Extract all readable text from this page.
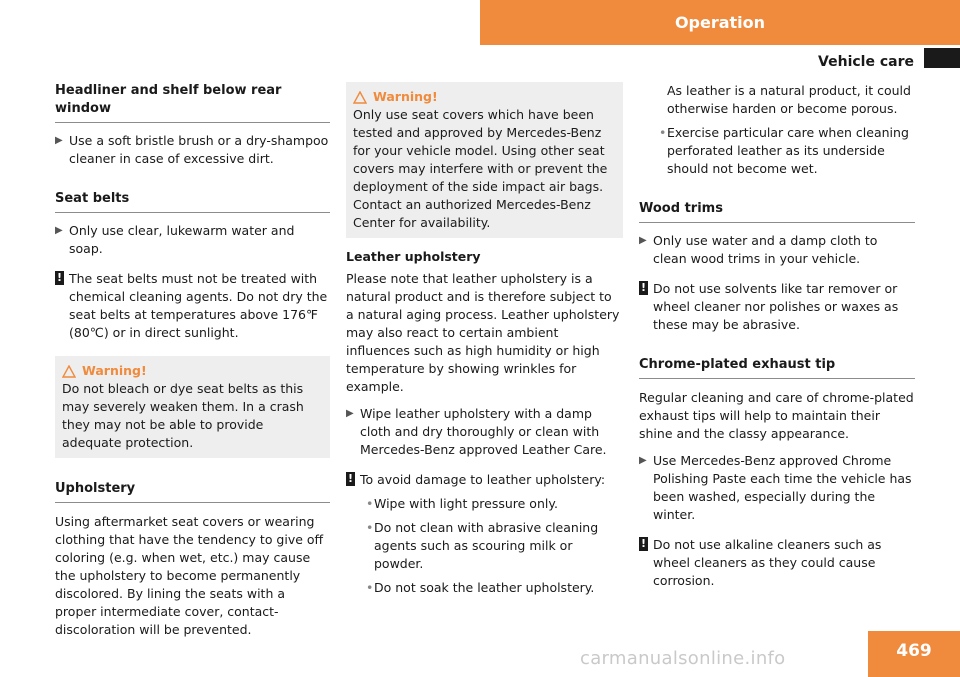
Operation
Vehicle care
Headliner and shelf below rear window
▶ Use a soft bristle brush or a dry-shampoo cleaner in case of excessive dirt.
Seat belts
▶ Only use clear, lukewarm water and soap.
! The seat belts must not be treated with chemical cleaning agents. Do not dry the seat belts at temperatures above 176℉ (80℃) or in direct sunlight.
Warning!

Do not bleach or dye seat belts as this may severely weaken them. In a crash they may not be able to provide adequate protection.

Upholstery

Using aftermarket seat covers or wearing clothing that have the tendency to give off coloring (e.g. when wet, etc.) may cause the upholstery to become permanently discolored. By lining the seats with a proper intermediate cover, contact-discoloration will be prevented.

Warning!

Only use seat covers which have been tested and approved by Mercedes-Benz for your vehicle model. Using other seat covers may interfere with or prevent the deployment of the side impact air bags. Contact an authorized Mercedes-Benz Center for availability.

Leather upholstery

Please note that leather upholstery is a natural product and is therefore subject to a natural aging process. Leather upholstery may also react to certain ambient influences such as high humidity or high temperature by showing wrinkles for example.

▶ Wipe leather upholstery with a damp cloth and dry thoroughly or clean with Mercedes-Benz approved Leather Care.
! To avoid damage to leather upholstery:
• Wipe with light pressure only.
• Do not clean with abrasive cleaning agents such as scouring milk or powder.
• Do not soak the leather upholstery.

As leather is a natural product, it could otherwise harden or become porous.

• Exercise particular care when cleaning perforated leather as its underside should not become wet.
Wood trims
▶ Only use water and a damp cloth to clean wood trims in your vehicle.
! Do not use solvents like tar remover or wheel cleaner nor polishes or waxes as these may be abrasive.
Chrome-plated exhaust tip

Regular cleaning and care of chrome-plated exhaust tips will help to maintain their shine and the classy appearance.

▶ Use Mercedes-Benz approved Chrome Polishing Paste each time the vehicle has been washed, especially during the winter.
! Do not use alkaline cleaners such as wheel cleaners as they could cause corrosion.
469
carmanualsonline.info
